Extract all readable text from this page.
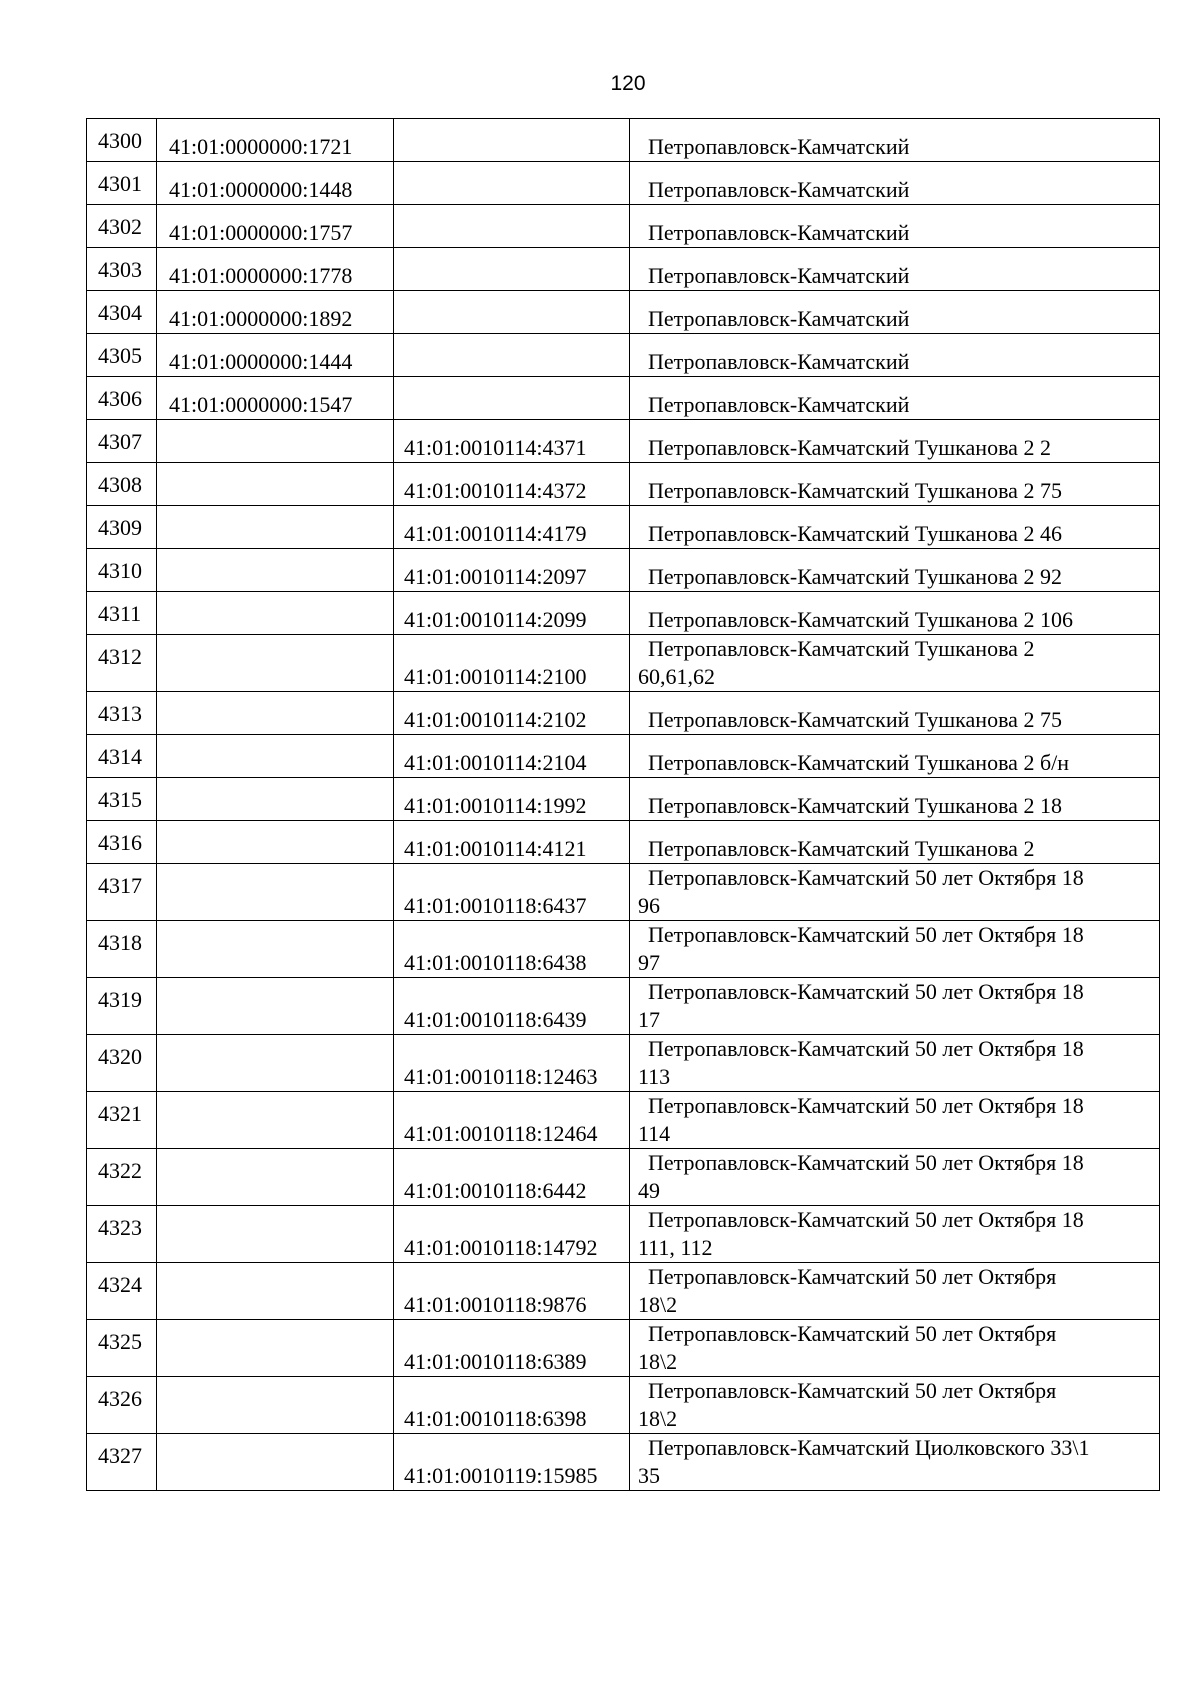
120
4300	41:01:0000000:1721		Петропавловск-Камчатский

4301	41:01:0000000:1448		Петропавловск-Камчатский

4302	41:01:0000000:1757		Петропавловск-Камчатский

4303	41:01:0000000:1778		Петропавловск-Камчатский

4304	41:01:0000000:1892		Петропавловск-Камчатский

4305	41:01:0000000:1444		Петропавловск-Камчатский

4306	41:01:0000000:1547		Петропавловск-Камчатский

4307		41:01:0010114:4371	Петропавловск-Камчатский Тушканова 2 2

4308		41:01:0010114:4372	Петропавловск-Камчатский Тушканова 2 75

4309		41:01:0010114:4179	Петропавловск-Камчатский Тушканова 2 46

4310		41:01:0010114:2097	Петропавловск-Камчатский Тушканова 2 92

4311		41:01:0010114:2099	Петропавловск-Камчатский Тушканова 2 106

4312		41:01:0010114:2100	Петропавловск-Камчатский Тушканова 2
60,61,62

4313		41:01:0010114:2102	Петропавловск-Камчатский Тушканова 2 75

4314		41:01:0010114:2104	Петропавловск-Камчатский Тушканова 2 б/н

4315		41:01:0010114:1992	Петропавловск-Камчатский Тушканова 2 18

4316		41:01:0010114:4121	Петропавловск-Камчатский Тушканова 2

4317		41:01:0010118:6437	Петропавловск-Камчатский 50 лет Октября 18
96

4318		41:01:0010118:6438	Петропавловск-Камчатский 50 лет Октября 18
97

4319		41:01:0010118:6439	Петропавловск-Камчатский 50 лет Октября 18
17

4320		41:01:0010118:12463	Петропавловск-Камчатский 50 лет Октября 18
113

4321		41:01:0010118:12464	Петропавловск-Камчатский 50 лет Октября 18
114

4322		41:01:0010118:6442	Петропавловск-Камчатский 50 лет Октября 18
49

4323		41:01:0010118:14792	Петропавловск-Камчатский 50 лет Октября 18
111, 112

4324		41:01:0010118:9876	Петропавловск-Камчатский 50 лет Октября
18\2

4325		41:01:0010118:6389	Петропавловск-Камчатский 50 лет Октября
18\2

4326		41:01:0010118:6398	Петропавловск-Камчатский 50 лет Октября
18\2

4327		41:01:0010119:15985	Петропавловск-Камчатский Циолковского 33\1
35
